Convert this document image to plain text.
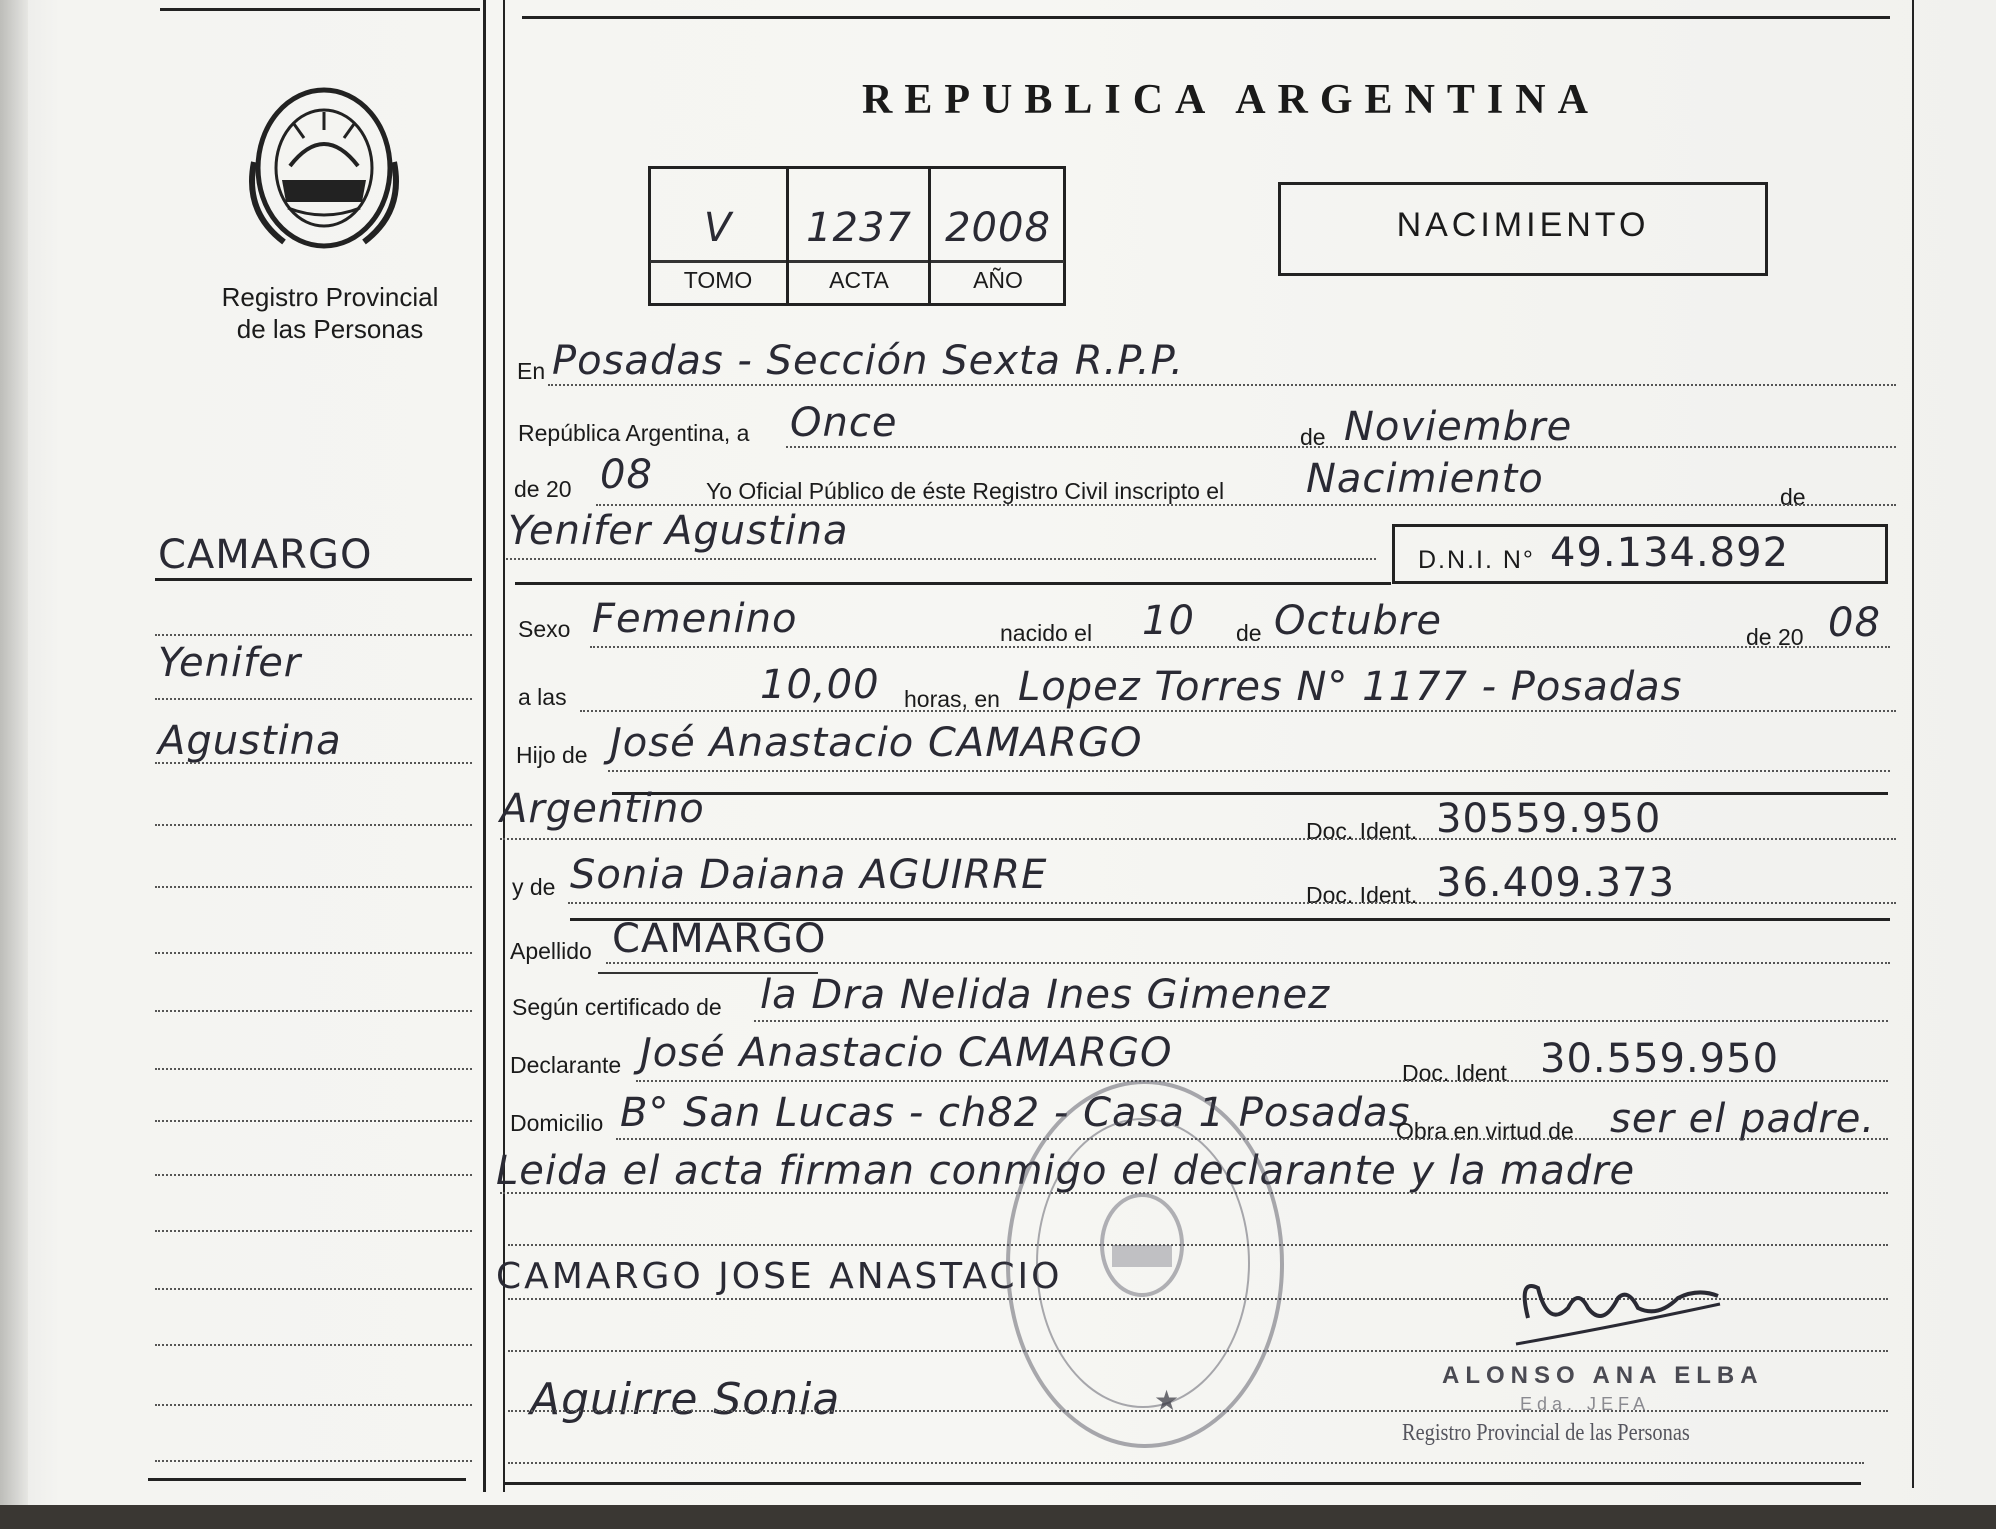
Registro Provincial
de las Personas
CAMARGO
Yenifer
Agustina
REPUBLICA ARGENTINA
V	1237 2008
TOMO	ACTA	AÑO
NACIMIENTO
En Posadas - Sección Sexta R.P.P.
República Argentina, a Once	de Noviembre
de 20 08 Yo Oficial Público de éste Registro Civil inscripto el Nacimiento	de
Yenifer Agustina
D.N.I. N° 49.134.892
Sexo Femenino	nacido el 10 de Octubre	de 20 08
a las	10,00 horas, en Lopez Torres N° 1177 - Posadas
Hijo de José Anastacio CAMARGO
Argentino	Doc. Ident. 30559.950
y de Sonia Daiana AGUIRRE	Doc. Ident. 36.409.373
Apellido CAMARGO
Según certificado de la Dra Nelida Ines Gimenez
Declarante José Anastacio CAMARGO	Doc. Ident 30.559.950
Domicilio B° San Lucas - ch82 - Casa 1 Posadas
Obra en virtud de ser el padre.
Leida el acta firman conmigo el declarante y la madre
CAMARGO JOSE ANASTACIO
Aguirre Sonia	★
ALONSO ANA ELBA
Eda. JEFA
Registro Provincial de las Personas
